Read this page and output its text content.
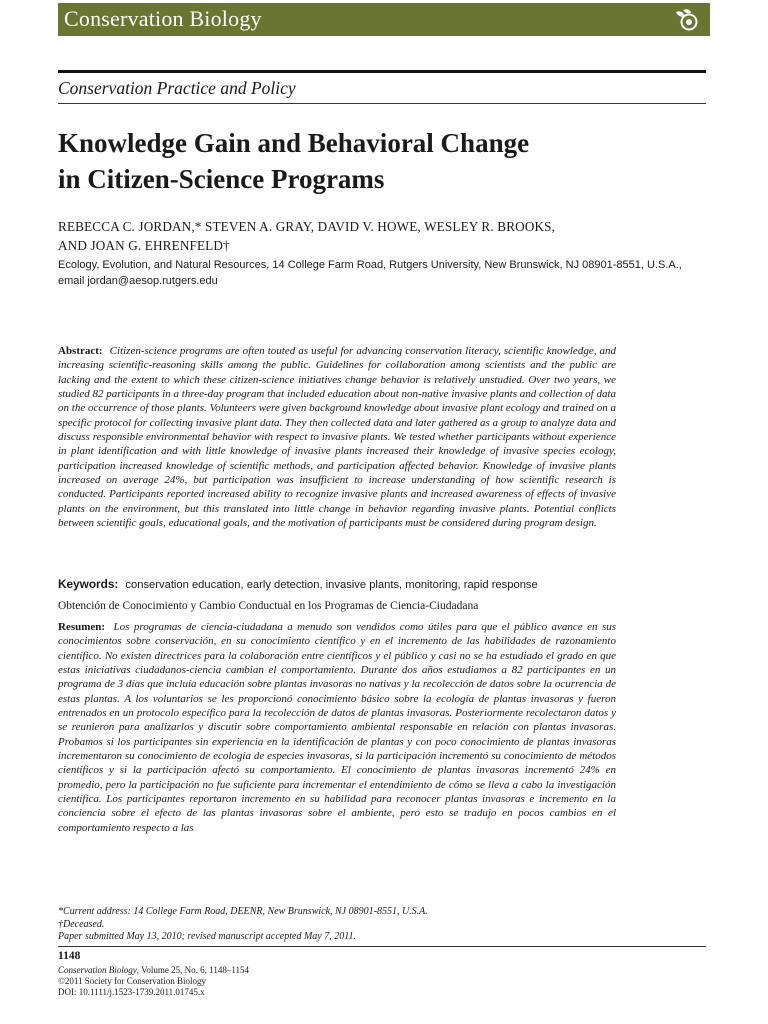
Conservation Biology
Conservation Practice and Policy
Knowledge Gain and Behavioral Change
in Citizen-Science Programs
REBECCA C. JORDAN,* STEVEN A. GRAY, DAVID V. HOWE, WESLEY R. BROOKS,
AND JOAN G. EHRENFELD†
Ecology, Evolution, and Natural Resources, 14 College Farm Road, Rutgers University, New Brunswick, NJ 08901-8551, U.S.A.,
email jordan@aesop.rutgers.edu

Abstract: Citizen-science programs are often touted as useful for advancing conservation literacy, scientific knowledge, and increasing scientific-reasoning skills among the public. Guidelines for collaboration among scientists and the public are lacking and the extent to which these citizen-science initiatives change behavior is relatively unstudied. Over two years, we studied 82 participants in a three-day program that included education about non-native invasive plants and collection of data on the occurrence of those plants. Volunteers were given background knowledge about invasive plant ecology and trained on a specific protocol for collecting invasive plant data. They then collected data and later gathered as a group to analyze data and discuss responsible environmental behavior with respect to invasive plants. We tested whether participants without experience in plant identification and with little knowledge of invasive plants increased their knowledge of invasive species ecology, participation increased knowledge of scientific methods, and participation affected behavior. Knowledge of invasive plants increased on average 24%, but participation was insufficient to increase understanding of how scientific research is conducted. Participants reported increased ability to recognize invasive plants and increased awareness of effects of invasive plants on the environment, but this translated into little change in behavior regarding invasive plants. Potential conflicts between scientific goals, educational goals, and the motivation of participants must be considered during program design.

Keywords: conservation education, early detection, invasive plants, monitoring, rapid response
Obtención de Conocimiento y Cambio Conductual en los Programas de Ciencia-Ciudadana

Resumen: Los programas de ciencia-ciudadana a menudo son vendidos como útiles para que el público avance en sus conocimientos sobre conservación, en su conocimiento científico y en el incremento de las habilidades de razonamiento científico. No existen directrices para la colaboración entre científicos y el público y casi no se ha estudiado el grado en que estas iniciativas ciudadanos-ciencia cambian el comportamiento. Durante dos años estudiamos a 82 participantes en un programa de 3 días que incluía educación sobre plantas invasoras no nativas y la recolección de datos sobre la ocurrencia de estas plantas. A los voluntarios se les proporcionó conocimiento básico sobre la ecología de plantas invasoras y fueron entrenados en un protocolo específico para la recolección de datos de plantas invasoras. Posteriormente recolectaron datos y se reunieron para analizarlos y discutir sobre comportamiento ambiental responsable en relación con plantas invasoras. Probamos si los participantes sin experiencia en la identificación de plantas y con poco conocimiento de plantas invasoras incrementaron su conocimiento de ecología de especies invasoras, si la participación incrementó su conocimiento de métodos científicos y si la participación afectó su comportamiento. El conocimiento de plantas invasoras incrementó 24% en promedio, pero la participación no fue suficiente para incrementar el entendimiento de cómo se lleva a cabo la investigación científica. Los participantes reportaron incremento en su habilidad para reconocer plantas invasoras e incremento en la conciencia sobre el efecto de las plantas invasoras sobre el ambiente, pero esto se tradujo en pocos cambios en el comportamiento respecto a las

*Current address: 14 College Farm Road, DEENR, New Brunswick, NJ 08901-8551, U.S.A.
†Deceased.
Paper submitted May 13, 2010; revised manuscript accepted May 7, 2011.
1148
Conservation Biology, Volume 25, No. 6, 1148–1154
©2011 Society for Conservation Biology
DOI: 10.1111/j.1523-1739.2011.01745.x
